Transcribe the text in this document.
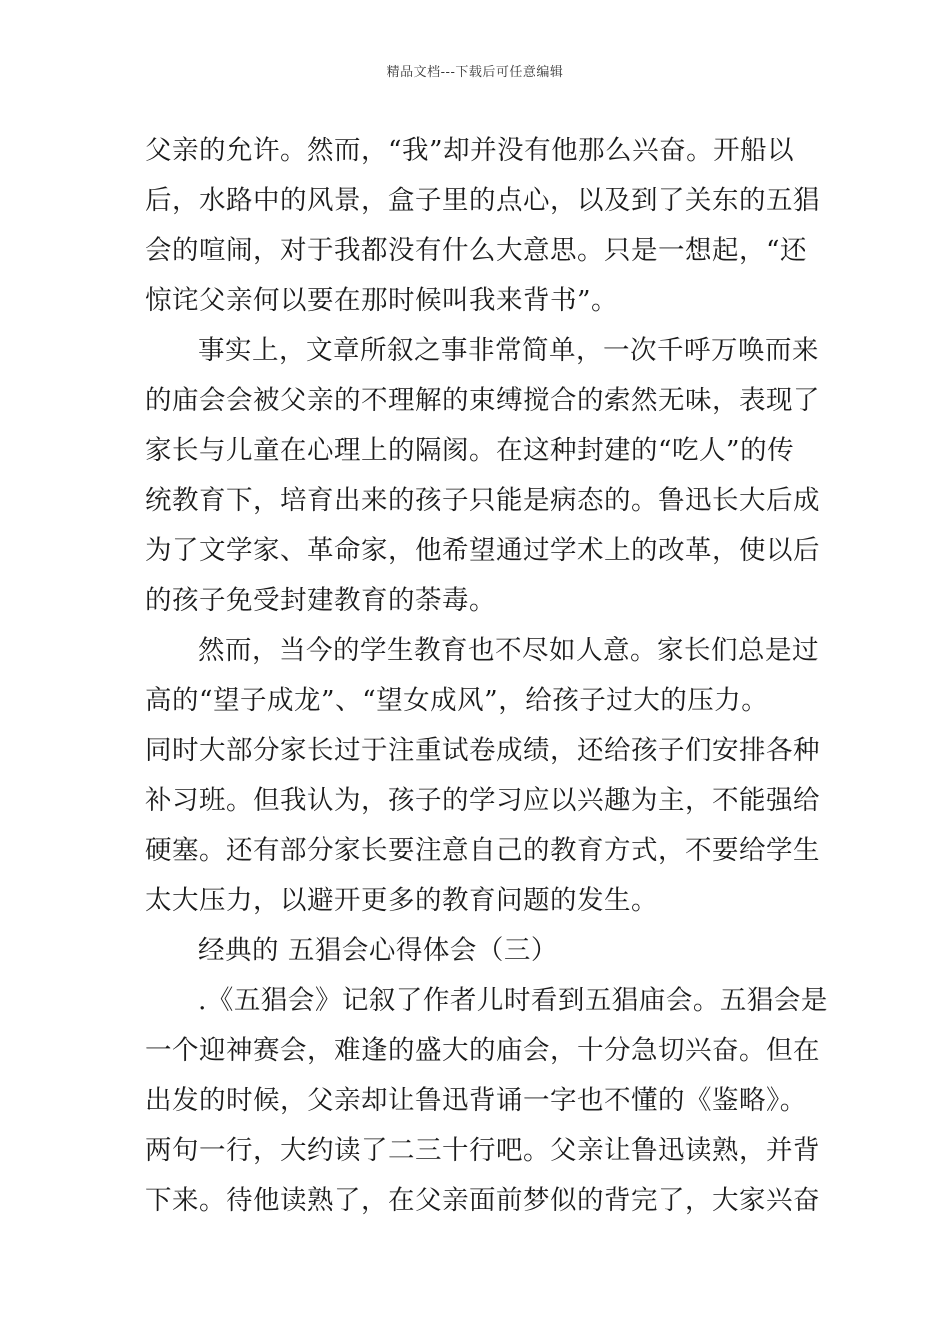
精品文档---下载后可任意编辑
父亲的允许。然而，“我”却并没有他那么兴奋。开船以
后，水路中的风景，盒子里的点心，以及到了关东的五猖
会的喧闹，对于我都没有什么大意思。只是一想起，“还
惊诧父亲何以要在那时候叫我来背书”。
事实上，文章所叙之事非常简单，一次千呼万唤而来
的庙会会被父亲的不理解的束缚搅合的索然无味，表现了
家长与儿童在心理上的隔阂。在这种封建的“吃人”的传
统教育下，培育出来的孩子只能是病态的。鲁迅长大后成
为了文学家、革命家，他希望通过学术上的改革，使以后
的孩子免受封建教育的荼毒。
然而，当今的学生教育也不尽如人意。家长们总是过
高的“望子成龙”、“望女成风”，给孩子过大的压力。
同时大部分家长过于注重试卷成绩，还给孩子们安排各种
补习班。但我认为，孩子的学习应以兴趣为主，不能强给
硬塞。还有部分家长要注意自己的教育方式，不要给学生
太大压力，以避开更多的教育问题的发生。
经典的 五猖会心得体会（三）
.《五猖会》记叙了作者儿时看到五猖庙会。五猖会是
一个迎神赛会，难逢的盛大的庙会，十分急切兴奋。但在
出发的时候，父亲却让鲁迅背诵一字也不懂的《鉴略》。
两句一行，大约读了二三十行吧。父亲让鲁迅读熟，并背
下来。待他读熟了，在父亲面前梦似的背完了，大家兴奋
